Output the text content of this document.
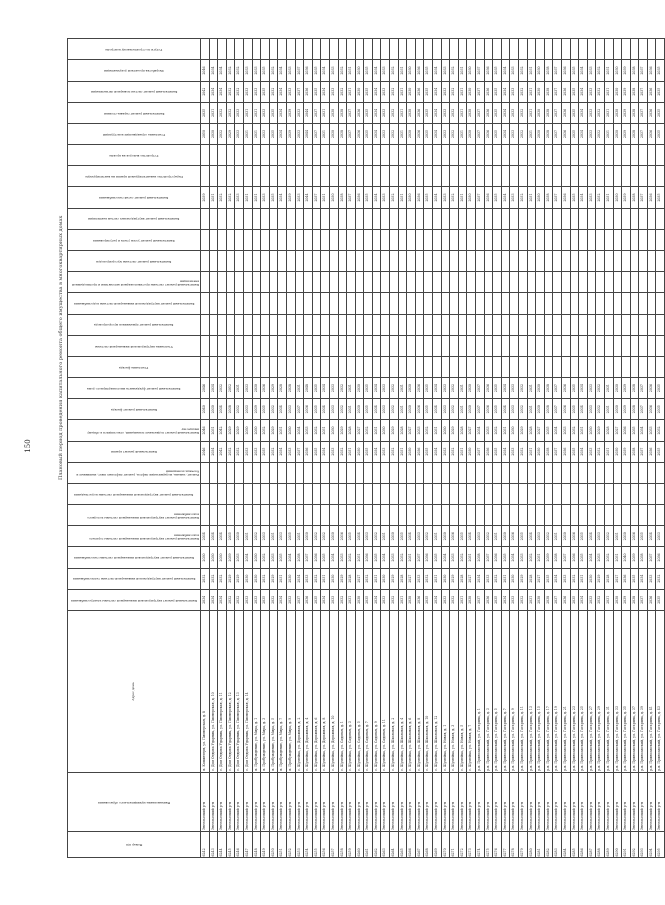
150	Плановый период проведения капитального ремонта общего имущества в многоквартирных домах
Номер п/п	Наименование муниципального образования	Адрес дома	Капитальный ремонт внутридомовой инженерной системы электроснабжения	Капитальный ремонт внутридомовой инженерной системы теплоснабжения	Капитальный ремонт внутридомовой инженерной системы газоснабжения	Капитальный ремонт внутридомовой инженерной системы горячего водоснабжения	Капитальный ремонт внутридомовой инженерной системы холодного водоснабжения	Капитальный ремонт внутридомовой инженерной системы водоотведения	Ремонт, замена, модернизация лифтов, ремонт лифтовых шахт, машинных и блочных помещений	Капитальный ремонт крыши	Капитальный ремонт подвальных помещений, относящихся к общему имуществу	Капитальный ремонт фасада	Капитальный ремонт фундамента многоквартирного дома	Утепление фасада	Утепление внутридомовой инженерной системы	Капитальный ремонт приемников мусоропровода	Капитальный ремонт внутридомовой инженерной системы водоснабжения	Капитальный ремонт системы противопожарной автоматики и противодымной вентиляции	Капитальный ремонт системы мусоропроводов	Капитальный ремонт узлов учета и регулирования	Капитальный ремонт внутридомовых систем вентиляции	Капитальный ремонт сетей газоснабжения	Переустройство невентилируемой крыши на вентилируемую	Устройство выходов на кровлю	Утепление ограждающих конструкций	Капитальный ремонт гаража-стоянки	Капитальный ремонт систем пожарной сигнализации	Разработка проектной документации	Услуги по строительному контролю

6242	Энгельсский р-н	п. Коминтерн, ул. Пионерская, д. 8	2034	2032	2030	2034				2046	2046	2040	2046									2039			2050	2035	2042	2046	
6243	Энгельсский р-н	с. Дом Отдыха Ударник, ул. Пионерская, д. 10	2034	2032	2030	2034				2034	2031	2030	2034									2031			2030	2031	2034	2034	
6244	Энгельсский р-н	с. Дом Отдыха Ударник, ул. Пионерская, д. 11	2034	2032	2030	2034				2042	2042	2034	2032									2032			2032	2032	2034	2034	
6245	Энгельсский р-н	с. Дом Отдыха Ударник, ул. Пионерская, д. 12	2032	2029	2039	2035				2032	2029	2038	2052									2032			2029	2032	2032	2032	
6246	Энгельсский р-н	с. Дом Отдыха Ударник, ул. Пионерская, д. 13	2032	2029	2033	2030				2032	2029	2032	2031									2033			2033	2033	2032	2032	
6247	Энгельсский р-н	с. Дом Отдыха Ударник, ул. Пионерская, д. 14	2033	2030	2034	2031				2033	2030	2033	2033									2031			2031	2031	2033	2033	
6248	Энгельсский р-н	п. Пробуждение, ул. Мира, д. 1	2033	2030	2030	2032				2033	2030	2039	2030									2031			2031	2031	2033	2033	
6249	Энгельсский р-н	п. Пробуждение, ул. Мира, д. 3	2035	2032	2032	2033				2035	2032	2035	2036									2033			2033	2033	2035	2035	
6250	Энгельсский р-н	п. Пробуждение, ул. Мира, д. 5	2032	2029	2033	2031				2032	2029	2032	2029									2035			2035	2035	2032	2032	
6251	Энгельсский р-н	п. Пробуждение, ул. Мира, д. 7	2034	2031	2035	2033				2034	2031	2034	2028									2034			2034	2034	2034	2034	
6252	Энгельсский р-н	п. Пробуждение, ул. Мира, д. 9	2033	2030	2034	2035				2033	2030	2033	2038									2039			2039	2039	2033	2033	
6253	Энгельсский р-н	с. Шумейка, ул. Дорожная, д. 2	2037	2034	2038	2031				2037	2034	2037	2031									2033			2033	2033	2037	2037	
6254	Энгельсский р-н	с. Шумейка, ул. Дорожная, д. 4	2036	2033	2037	2030				2036	2033	2036	2048									2044			2044	2044	2036	2036	
6255	Энгельсский р-н	с. Шумейка, ул. Дорожная, д. 6	2035	2032	2036	2032				2035	2032	2035	2035									2037			2037	2037	2035	2035	
6256	Энгельсский р-н	с. Шумейка, ул. Дорожная, д. 8	2034	2031	2035	2032				2034	2031	2034	2034									2031			2031	2031	2034	2034	
6257	Энгельсский р-н	с. Шумейка, ул. Дорожная, д. 10	2033	2030	2034	2030				2033	2030	2033	2033									2030			2030	2030	2033	2033	
6258	Энгельсский р-н	с. Шумейка, ул. Садовая, д. 1	2032	2029	2033	2036				2032	2029	2032	2032									2038			2038	2038	2032	2032	
6259	Энгельсский р-н	с. Шумейка, ул. Садовая, д. 3	2031	2028	2032	2035				2031	2028	2031	2031									2037			2037	2037	2031	2031	
6260	Энгельсский р-н	с. Шумейка, ул. Садовая, д. 5	2030	2027	2031	2034				2030	2027	2030	2030									2036			2036	2036	2030	2030	
6261	Энгельсский р-н	с. Шумейка, ул. Садовая, д. 7	2035	2032	2036	2033				2035	2032	2035	2035									2035			2035	2035	2035	2035	
6262	Энгельсский р-н	с. Шумейка, ул. Садовая, д. 9	2034	2031	2035	2032				2034	2031	2034	2034									2034			2034	2034	2034	2034	
6263	Энгельсский р-н	с. Шумейка, ул. Садовая, д. 11	2033	2030	2034	2031				2033	2030	2033	2033									2033			2033	2033	2033	2033	
6264	Энгельсский р-н	с. Шумейка, ул. Школьная, д. 2	2032	2029	2033	2030				2032	2029	2032	2032									2032			2032	2032	2032	2032	
6265	Энгельсский р-н	с. Шумейка, ул. Школьная, д. 4	2031	2028	2032	2035				2031	2028	2031	2031									2031			2031	2031	2031	2031	
6266	Энгельсский р-н	с. Шумейка, ул. Школьная, д. 6	2030	2027	2031	2034				2030	2027	2030	2030									2030			2030	2030	2030	2030	
6267	Энгельсский р-н	с. Шумейка, ул. Школьная, д. 8	2036	2033	2037	2033				2036	2033	2036	2036									2036			2036	2036	2036	2036	
6268	Энгельсский р-н	с. Шумейка, ул. Школьная, д. 10	2035	2032	2036	2032				2035	2032	2035	2035									2035			2035	2035	2035	2035	
6269	Энгельсский р-н	с. Шумейка, ул. Школьная, д. 12	2034	2031	2035	2031				2034	2031	2034	2034									2034			2034	2034	2034	2034	
6270	Энгельсский р-н	с. Шумейка, ул. Новая, д. 1	2033	2030	2034	2030				2033	2030	2033	2033									2033			2033	2033	2033	2033	
6271	Энгельсский р-н	с. Шумейка, ул. Новая, д. 3	2032	2029	2033	2036				2032	2029	2032	2032									2032			2032	2032	2032	2032	
6272	Энгельсский р-н	с. Шумейка, ул. Новая, д. 5	2031	2028	2032	2035				2031	2028	2031	2031									2031			2031	2031	2031	2031	
6273	Энгельсский р-н	с. Шумейка, ул. Новая, д. 7	2030	2027	2031	2034				2030	2027	2030	2030									2030			2030	2030	2030	2030	
6274	Энгельсский р-н	р.п. Приволжский, ул. Гагарина, д. 1	2037	2034	2038	2033				2037	2034	2037	2037									2037			2037	2037	2037	2037	
6275	Энгельсский р-н	р.п. Приволжский, ул. Гагарина, д. 3	2036	2033	2037	2032				2036	2033	2036	2036									2036			2036	2036	2036	2036	
6276	Энгельсский р-н	р.п. Приволжский, ул. Гагарина, д. 5	2035	2032	2036	2031				2035	2032	2035	2035									2035			2035	2035	2035	2035	
6277	Энгельсский р-н	р.п. Приволжский, ул. Гагарина, д. 7	2034	2031	2035	2030				2034	2031	2034	2034									2034			2034	2034	2034	2034	
6278	Энгельсский р-н	р.п. Приволжский, ул. Гагарина, д. 9	2033	2030	2034	2036				2033	2030	2033	2033									2033			2033	2033	2033	2033	
6279	Энгельсский р-н	р.п. Приволжский, ул. Гагарина, д. 11	2032	2029	2033	2035				2032	2029	2032	2032									2032			2032	2032	2032	2032	
6280	Энгельсский р-н	р.п. Приволжский, ул. Гагарина, д. 13	2031	2028	2032	2034				2031	2028	2031	2031									2031			2031	2031	2031	2031	
6281	Энгельсский р-н	р.п. Приволжский, ул. Гагарина, д. 15	2030	2027	2031	2033				2030	2027	2030	2030									2030			2030	2030	2030	2030	
6282	Энгельсский р-н	р.п. Приволжский, ул. Гагарина, д. 17	2038	2035	2039	2032				2038	2035	2038	2038									2038			2038	2038	2038	2038	
6283	Энгельсский р-н	р.п. Приволжский, ул. Гагарина, д. 19	2037	2034	2038	2031				2037	2034	2037	2037									2037			2037	2037	2037	2037	
6284	Энгельсский р-н	р.п. Приволжский, ул. Гагарина, д. 21	2036	2033	2037	2030				2036	2033	2036	2036									2036			2036	2036	2036	2036	
6285	Энгельсский р-н	р.п. Приволжский, ул. Гагарина, д. 23	2035	2032	2036	2036				2035	2032	2035	2035									2035			2035	2035	2035	2035	
6286	Энгельсский р-н	р.п. Приволжский, ул. Гагарина, д. 25	2034	2031	2035	2035				2034	2031	2034	2034									2034			2034	2034	2034	2034	
6287	Энгельсский р-н	р.п. Приволжский, ул. Гагарина, д. 27	2033	2030	2034	2034				2033	2030	2033	2033									2033			2033	2033	2033	2033	
6288	Энгельсский р-н	р.п. Приволжский, ул. Гагарина, д. 29	2032	2029	2033	2033				2032	2029	2032	2032									2032			2032	2032	2032	2032	
6289	Энгельсский р-н	р.п. Приволжский, ул. Гагарина, д. 31	2031	2028	2032	2032				2031	2028	2031	2031									2031			2031	2031	2031	2031	
6290	Энгельсский р-н	р.п. Приволжский, ул. Гагарина, д. 33	2030	2027	2031	2031				2030	2027	2030	2030									2030			2030	2030	2030	2030	
6291	Энгельсский р-н	р.п. Приволжский, ул. Гагарина, д. 35	2039	2036	2040	2030				2039	2036	2039	2039									2039			2039	2039	2039	2039	
6292	Энгельсский р-н	р.п. Приволжский, ул. Гагарина, д. 37	2038	2035	2039	2036				2038	2035	2038	2038									2038			2038	2038	2038	2038	
6293	Энгельсский р-н	р.п. Приволжский, ул. Гагарина, д. 39	2037	2034	2038	2035				2037	2034	2037	2037									2037			2037	2037	2037	2037	
6294	Энгельсский р-н	р.п. Приволжский, ул. Гагарина, д. 41	2036	2033	2037	2034				2036	2033	2036	2036									2036			2036	2036	2036	2036	
6295	Энгельсский р-н	р.п. Приволжский, ул. Гагарина, д. 43	2035	2032	2036	2033				2035	2032	2035	2035									2035			2035	2035	2035	2035	
